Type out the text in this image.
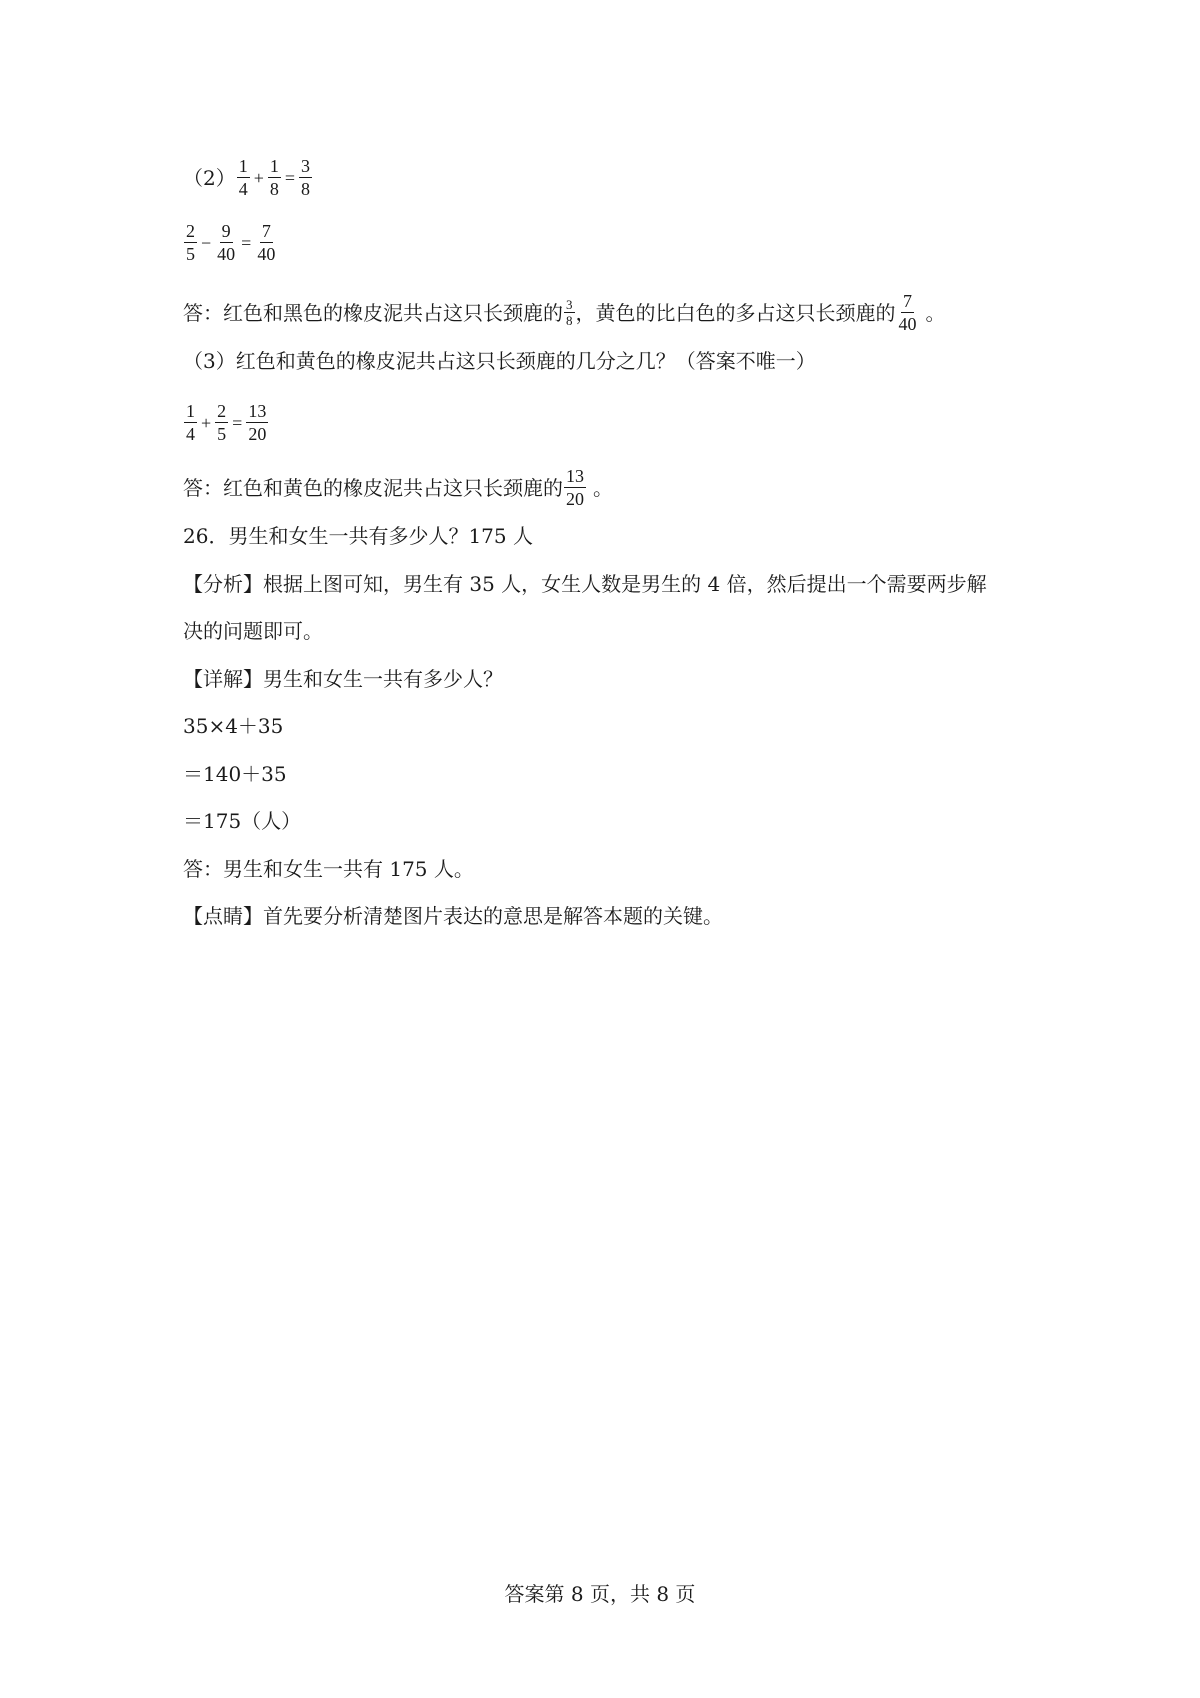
$(2) \frac{1}{4} + \frac{1}{8} = \frac{3}{8}$
$\frac{2}{5} - \frac{9}{40} = \frac{7}{40}$
答：红色和黑色的橡皮泥共占这只长颈鹿的 $\frac{3}{8}$ ，黄色的比白色的多占这只长颈鹿的 $\frac{7}{40}$ 。
（3）红色和黄色的橡皮泥共占这只长颈鹿的几分之几？（答案不唯一）
$\frac{1}{4} + \frac{2}{5} = \frac{13}{20}$
答：红色和黄色的橡皮泥共占这只长颈鹿的 $\frac{13}{20}$ 。
26．男生和女生一共有多少人？175 人
【分析】根据上图可知，男生有 35 人，女生人数是男生的 4 倍，然后提出一个需要两步解
决的问题即可。
【详解】男生和女生一共有多少人？
35×4＋35
＝140＋35
＝175（人）
答：男生和女生一共有 175 人。
【点睛】首先要分析清楚图片表达的意思是解答本题的关键。
答案第 8 页，共 8 页
